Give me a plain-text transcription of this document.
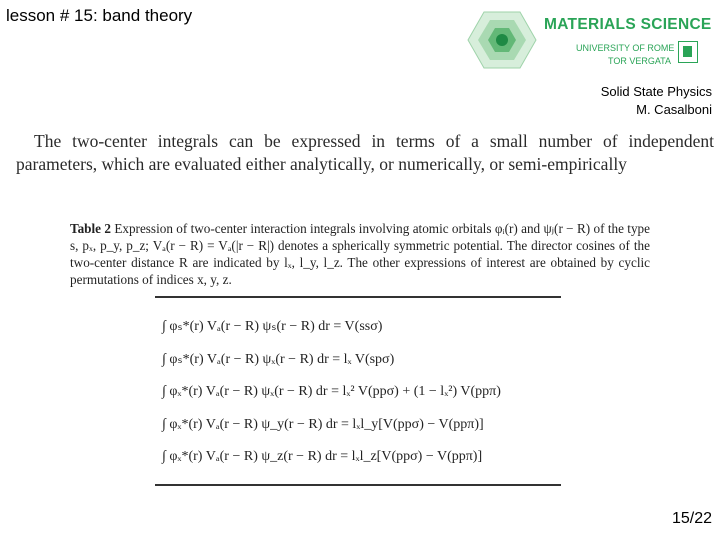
lesson # 15: band theory	MATERIALS SCIENCE
UNIVERSITY OF ROME
TOR VERGATA
Solid State Physics
M. Casalboni
The two-center integrals can be expressed in terms of a small number of independent parameters, which are evaluated either analytically, or numerically, or semi-empirically
Table 2 Expression of two-center interaction integrals involving atomic orbitals φᵢ(r) and ψⱼ(r − R) of the type s, pₓ, p_y, p_z; Vₐ(r − R) = Vₐ(|r − R|) denotes a spherically symmetric potential. The director cosines of the two-center distance R are indicated by lₓ, l_y, l_z. The other expressions of interest are obtained by cyclic permutations of indices x, y, z.
∫ φₛ*(r) Vₐ(r − R) ψₛ(r − R) dr = V(ssσ)
∫ φₛ*(r) Vₐ(r − R) ψₓ(r − R) dr = lₓ V(spσ)
∫ φₓ*(r) Vₐ(r − R) ψₓ(r − R) dr = lₓ² V(ppσ) + (1 − lₓ²) V(ppπ)
∫ φₓ*(r) Vₐ(r − R) ψ_y(r − R) dr = lₓl_y[V(ppσ) − V(ppπ)]
∫ φₓ*(r) Vₐ(r − R) ψ_z(r − R) dr = lₓl_z[V(ppσ) − V(ppπ)]
15/22
